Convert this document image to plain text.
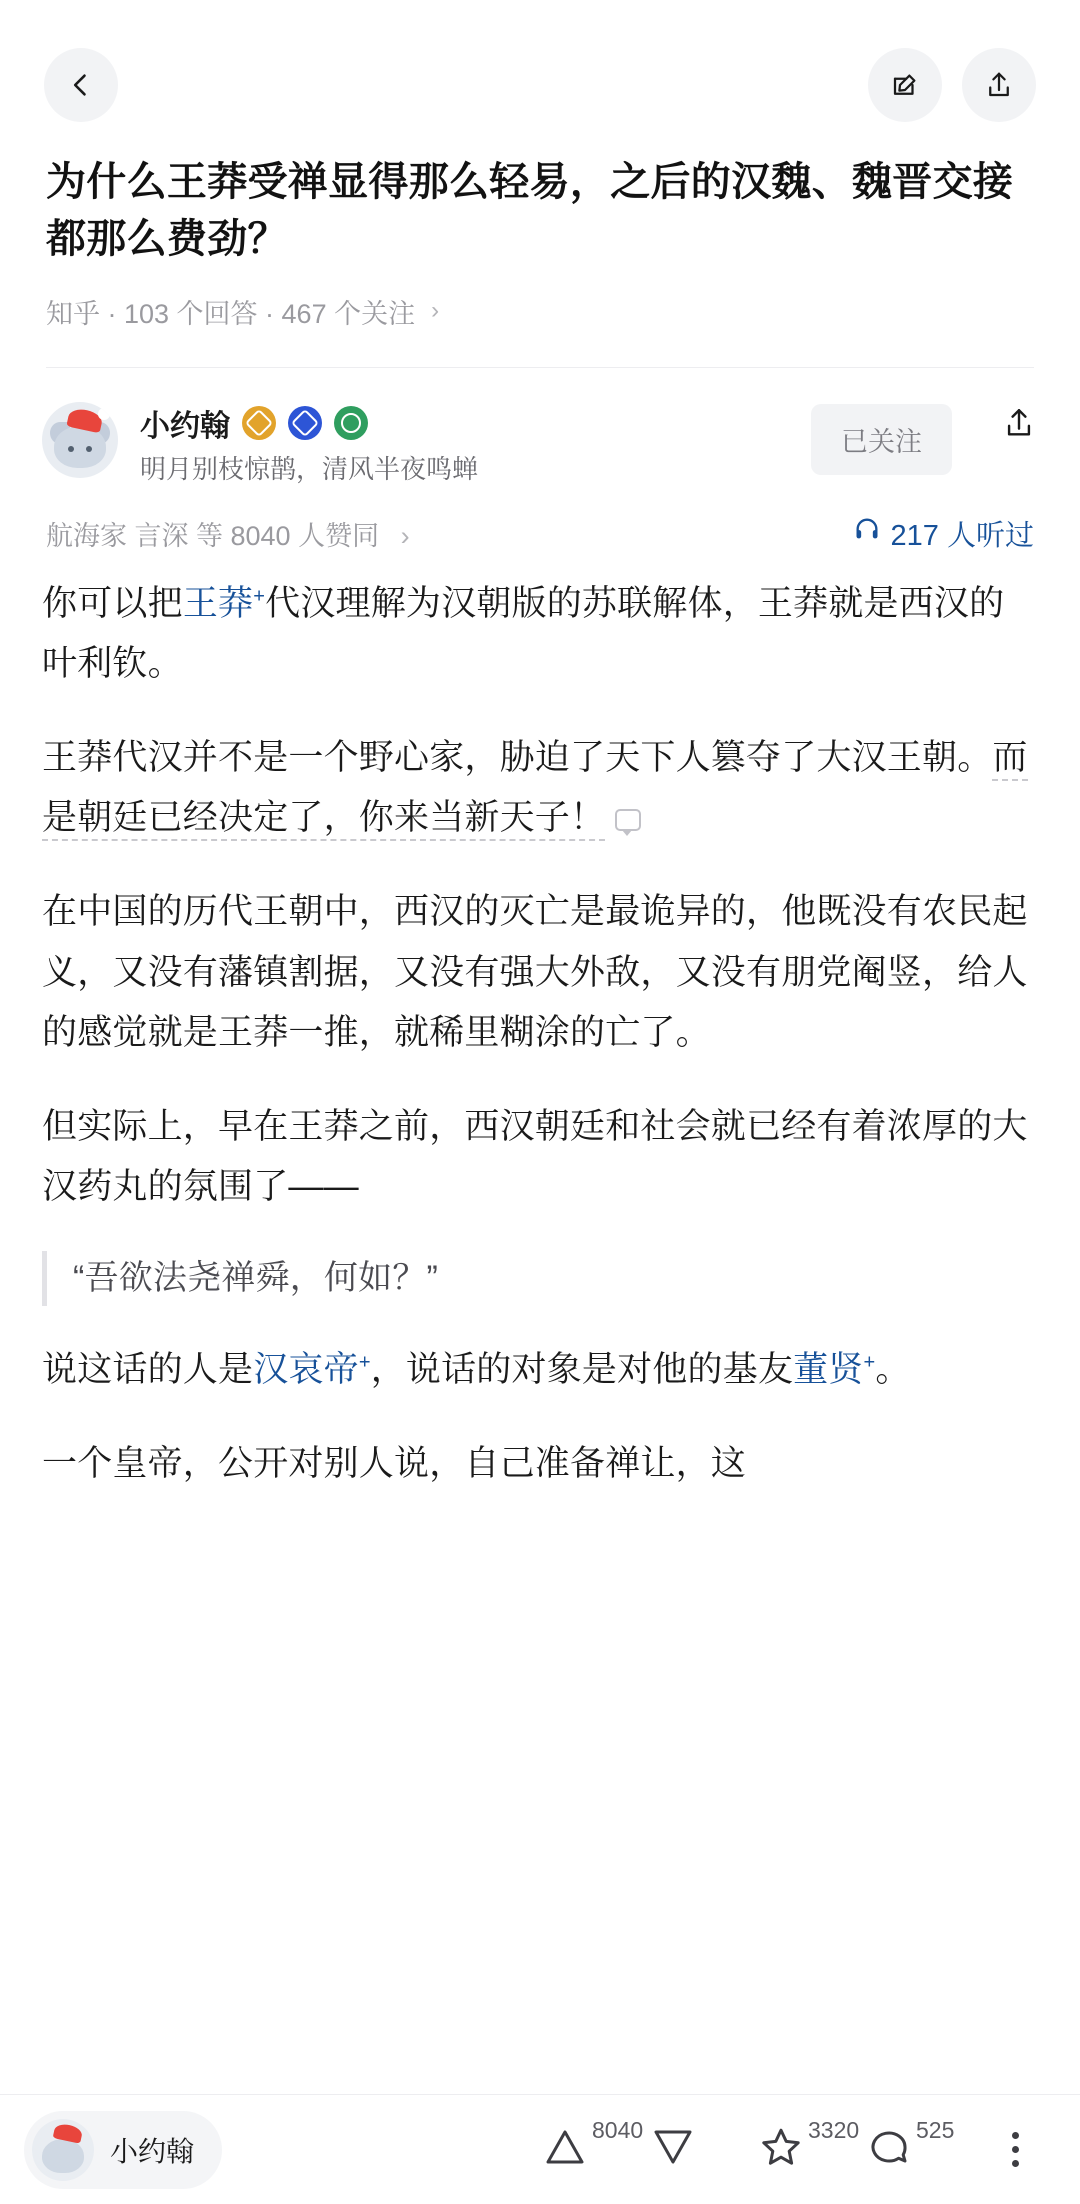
为什么王莽受禅显得那么轻易，之后的汉魏、魏晋交接都那么费劲？
知乎 · 103 个回答 · 467 个关注 ›
小约翰
明月别枝惊鹊，清风半夜鸣蝉
已关注
航海家 言深 等 8040 人赞同 ›	217 人听过

你可以把王莽+代汉理解为汉朝版的苏联解体，王莽就是西汉的叶利钦。

王莽代汉并不是一个野心家，胁迫了天下人篡夺了大汉王朝。而是朝廷已经决定了，你来当新天子！

在中国的历代王朝中，西汉的灭亡是最诡异的，他既没有农民起义，又没有藩镇割据，又没有强大外敌，又没有朋党阉竖，给人的感觉就是王莽一推，就稀里糊涂的亡了。

但实际上，早在王莽之前，西汉朝廷和社会就已经有着浓厚的大汉药丸的氛围了——

“吾欲法尧禅舜，何如？”

说这话的人是汉哀帝+，说话的对象是对他的基友董贤+。

一个皇帝，公开对别人说，自己准备禅让，这

小约翰
8040	3320 525
